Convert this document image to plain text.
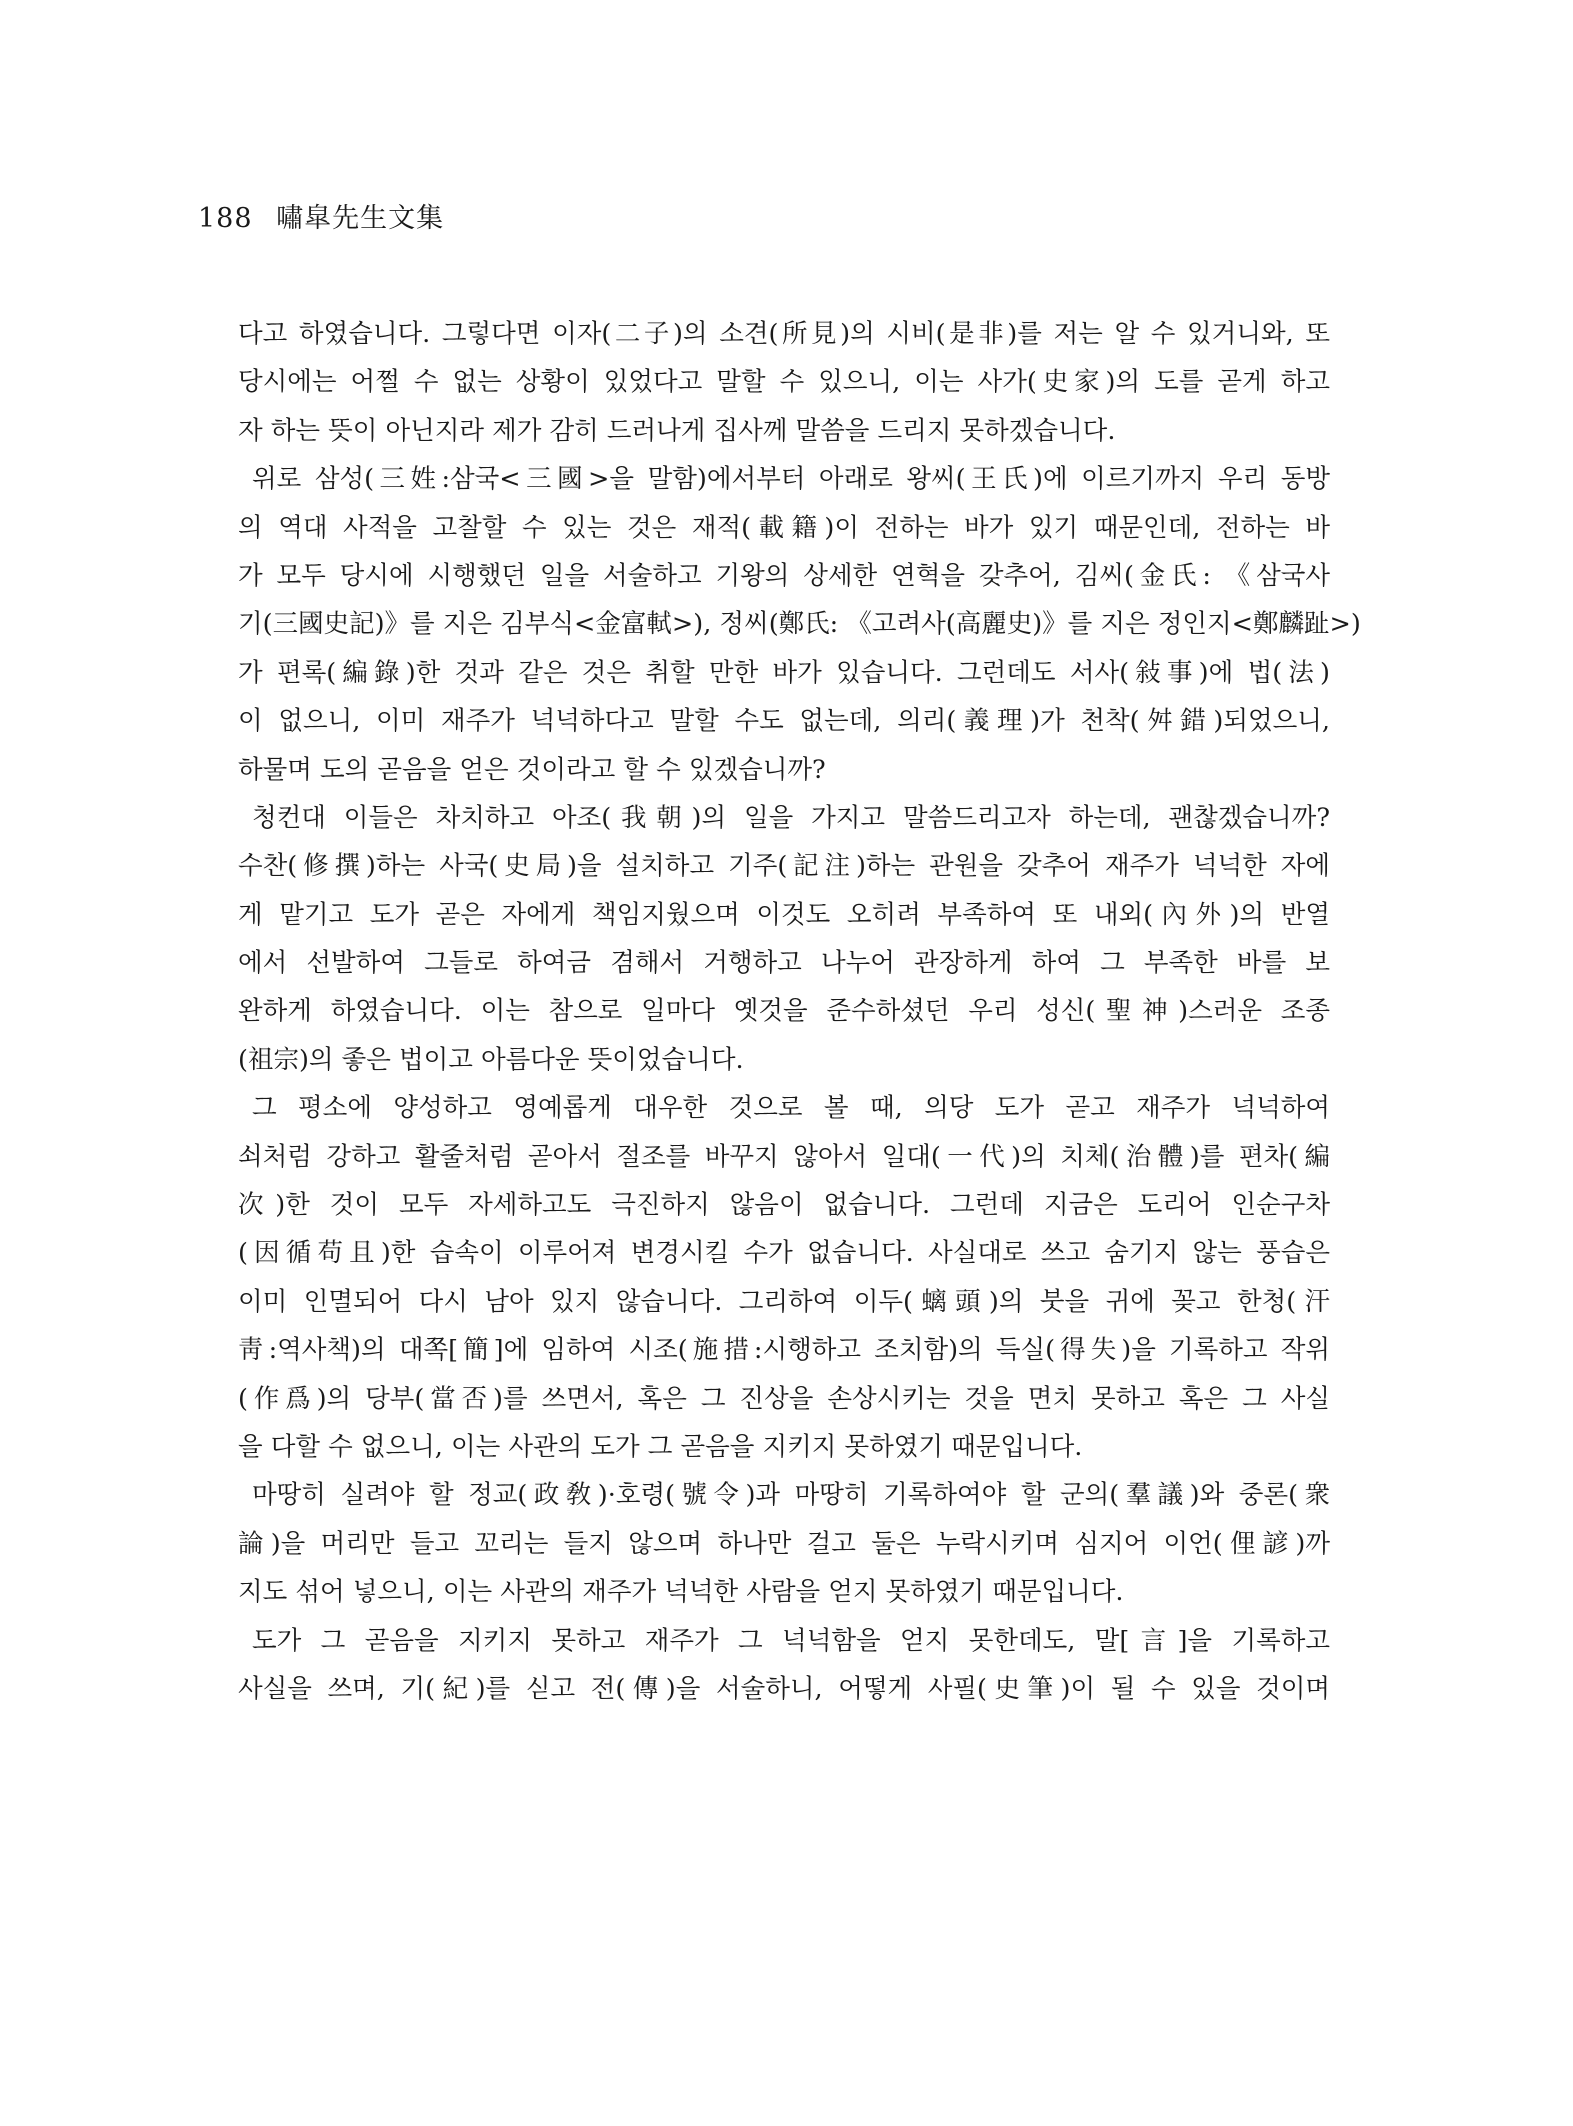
188 嘯皐先生文集
다고 하였습니다. 그렇다면 이자(二子)의 소견(所見)의 시비(是非)를 저는 알 수 있거니와, 또
당시에는 어쩔 수 없는 상황이 있었다고 말할 수 있으니, 이는 사가(史家)의 도를 곧게 하고
자 하는 뜻이 아닌지라 제가 감히 드러나게 집사께 말씀을 드리지 못하겠습니다.
위로 삼성(三姓:삼국<三國>을 말함)에서부터 아래로 왕씨(王氏)에 이르기까지 우리 동방
의 역대 사적을 고찰할 수 있는 것은 재적(載籍)이 전하는 바가 있기 때문인데, 전하는 바
가 모두 당시에 시행했던 일을 서술하고 기왕의 상세한 연혁을 갖추어, 김씨(金氏: 《삼국사
기(三國史記)》를 지은 김부식<金富軾>), 정씨(鄭氏: 《고려사(高麗史)》를 지은 정인지<鄭麟趾>)
가 편록(編錄)한 것과 같은 것은 취할 만한 바가 있습니다. 그런데도 서사(敍事)에 법(法)
이 없으니, 이미 재주가 넉넉하다고 말할 수도 없는데, 의리(義理)가 천착(舛錯)되었으니,
하물며 도의 곧음을 얻은 것이라고 할 수 있겠습니까?
청컨대 이들은 차치하고 아조(我朝)의 일을 가지고 말씀드리고자 하는데, 괜찮겠습니까?
수찬(修撰)하는 사국(史局)을 설치하고 기주(記注)하는 관원을 갖추어 재주가 넉넉한 자에
게 맡기고 도가 곧은 자에게 책임지웠으며 이것도 오히려 부족하여 또 내외(內外)의 반열
에서 선발하여 그들로 하여금 겸해서 거행하고 나누어 관장하게 하여 그 부족한 바를 보
완하게 하였습니다. 이는 참으로 일마다 옛것을 준수하셨던 우리 성신(聖神)스러운 조종
(祖宗)의 좋은 법이고 아름다운 뜻이었습니다.
그 평소에 양성하고 영예롭게 대우한 것으로 볼 때, 의당 도가 곧고 재주가 넉넉하여
쇠처럼 강하고 활줄처럼 곧아서 절조를 바꾸지 않아서 일대(一代)의 치체(治體)를 편차(編
次)한 것이 모두 자세하고도 극진하지 않음이 없습니다. 그런데 지금은 도리어 인순구차
(因循苟且)한 습속이 이루어져 변경시킬 수가 없습니다. 사실대로 쓰고 숨기지 않는 풍습은
이미 인멸되어 다시 남아 있지 않습니다. 그리하여 이두(螭頭)의 붓을 귀에 꽂고 한청(汗
靑:역사책)의 대쪽[簡]에 임하여 시조(施措:시행하고 조치함)의 득실(得失)을 기록하고 작위
(作爲)의 당부(當否)를 쓰면서, 혹은 그 진상을 손상시키는 것을 면치 못하고 혹은 그 사실
을 다할 수 없으니, 이는 사관의 도가 그 곧음을 지키지 못하였기 때문입니다.
마땅히 실려야 할 정교(政敎)·호령(號令)과 마땅히 기록하여야 할 군의(羣議)와 중론(衆
論)을 머리만 들고 꼬리는 들지 않으며 하나만 걸고 둘은 누락시키며 심지어 이언(俚諺)까
지도 섞어 넣으니, 이는 사관의 재주가 넉넉한 사람을 얻지 못하였기 때문입니다.
도가 그 곧음을 지키지 못하고 재주가 그 넉넉함을 얻지 못한데도, 말[言]을 기록하고
사실을 쓰며, 기(紀)를 싣고 전(傳)을 서술하니, 어떻게 사필(史筆)이 될 수 있을 것이며
